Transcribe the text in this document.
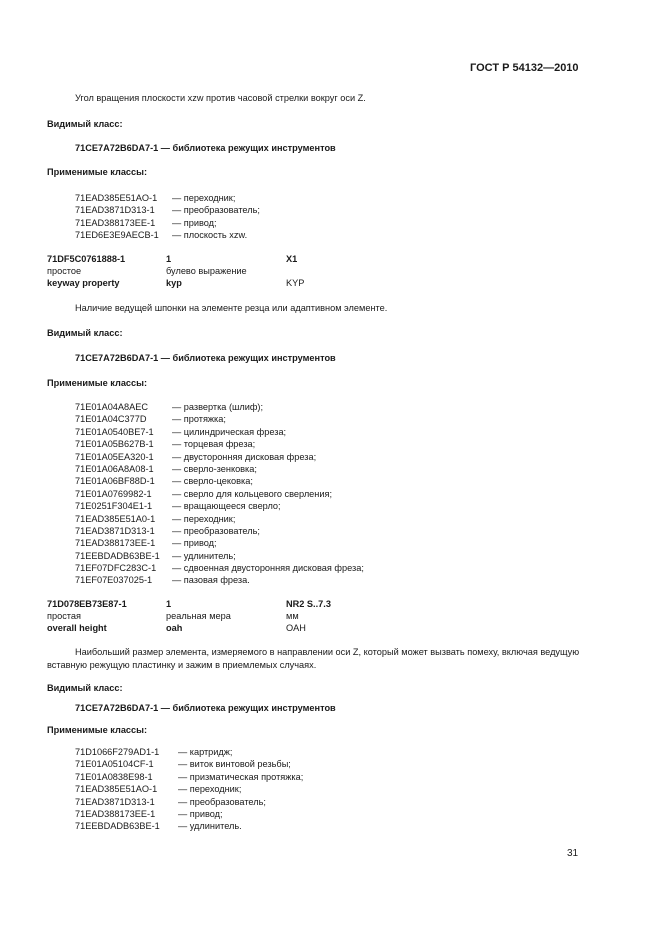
ГОСТ Р 54132—2010
Угол вращения плоскости xzw против часовой стрелки вокруг оси Z.
Видимый класс:
71CE7A72B6DA7-1 — библиотека режущих инструментов
Применимые классы:
71EAD385E51AO-1 — переходник;
71EAD3871D313-1 — преобразователь;
71EAD388173EE-1 — привод;
71ED6E3E9AECB-1 — плоскость xzw.
71DF5C0761888-1	1	X1
простое	булево выражение
keyway property	kyp	KYP
Наличие ведущей шпонки на элементе резца или адаптивном элементе.
Видимый класс:
71CE7A72B6DA7-1 — библиотека режущих инструментов
Применимые классы:
71E01A04A8AEC	— развертка (шлиф);
71E01A04C377D	— протяжка;
71E01A0540BE7-1 — цилиндрическая фреза;
71E01A05B627B-1 — торцевая фреза;
71E01A05EA320-1 — двусторонняя дисковая фреза;
71E01A06A8A08-1 — сверло-зенковка;
71E01A06BF88D-1 — сверло-цековка;
71E01A0769982-1 — сверло для кольцевого сверления;
71E0251F304E1-1 — вращающееся сверло;
71EAD385E51A0-1 — переходник;
71EAD3871D313-1 — преобразователь;
71EAD388173EE-1 — привод;
71EEBDADB63BE-1 — удлинитель;
71EF07DFC283C-1 — сдвоенная двусторонняя дисковая фреза;
71EF07E037025-1 — пазовая фреза.
71D078EB73E87-1	1	NR2 S..7.3
простая	реальная мера	мм
overall height	oah	OAH
Наибольший размер элемента, измеряемого в направлении оси Z, который может вызвать помеху, включая ведущую вставную режущую пластинку и зажим в приемлемых случаях.
Видимый класс:
71CE7A72B6DA7-1 — библиотека режущих инструментов
Применимые классы:
71D1066F279AD1-1 — картридж;
71E01A05104CF-1	— виток винтовой резьбы;
71E01A0838E98-1	— призматическая протяжка;
71EAD385E51AO-1 — переходник;
71EAD3871D313-1	— преобразователь;
71EAD388173EE-1 — привод;
71EEBDADB63BE-1 — удлинитель.
31
